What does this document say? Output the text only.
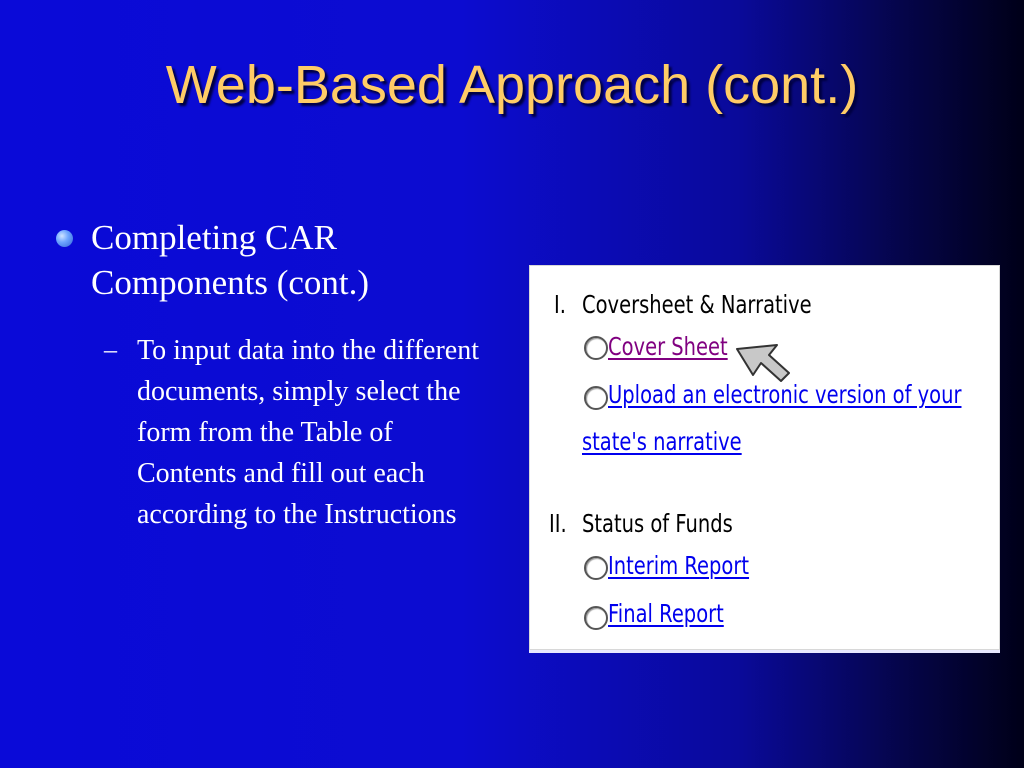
Web-Based Approach (cont.)
Completing CAR Components (cont.)
– To input data into the different documents, simply select the form from the Table of Contents and fill out each according to the Instructions
I. Coversheet & Narrative
Cover Sheet
Upload an electronic version of your
state's narrative
II. Status of Funds
Interim Report
Final Report
